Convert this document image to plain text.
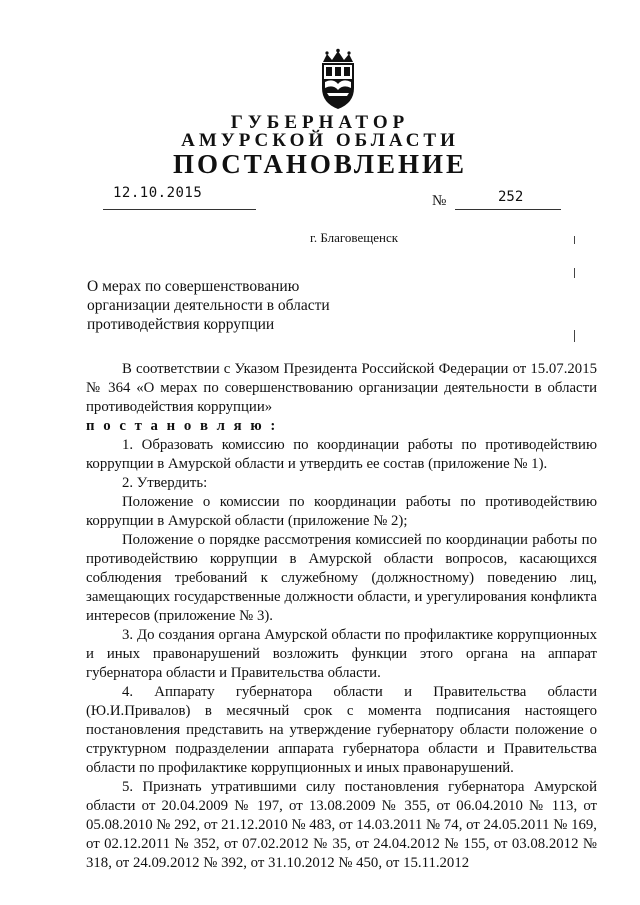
ГУБЕРНАТОР
АМУРСКОЙ ОБЛАСТИ
ПОСТАНОВЛЕНИЕ
12.10.2015	№	252
г. Благовещенск
О мерах по совершенствованию
организации деятельности в области
противодействия коррупции

В соответствии с Указом Президента Российской Федерации от 15.07.2015 № 364 «О мерах по совершенствованию организации деятельности в области противодействия коррупции»

п о с т а н о в л я ю :

1. Образовать комиссию по координации работы по противодействию коррупции в Амурской области и утвердить ее состав (приложение № 1).

2. Утвердить:

Положение о комиссии по координации работы по противодействию коррупции в Амурской области (приложение № 2);

Положение о порядке рассмотрения комиссией по координации работы по противодействию коррупции в Амурской области вопросов, касающихся соблюдения требований к служебному (должностному) поведению лиц, замещающих государственные должности области, и урегулирования конфликта интересов (приложение № 3).

3. До создания органа Амурской области по профилактике коррупционных и иных правонарушений возложить функции этого органа на аппарат губернатора области и Правительства области.

4. Аппарату губернатора области и Правительства области (Ю.И.Привалов) в месячный срок с момента подписания настоящего постановления представить на утверждение губернатору области положение о структурном подразделении аппарата губернатора области и Правительства области по профилактике коррупционных и иных правонарушений.

5. Признать утратившими силу постановления губернатора Амурской области от 20.04.2009 № 197, от 13.08.2009 № 355, от 06.04.2010 № 113, от 05.08.2010 № 292, от 21.12.2010 № 483, от 14.03.2011 № 74, от 24.05.2011 № 169, от 02.12.2011 № 352, от 07.02.2012 № 35, от 24.04.2012 № 155, от 03.08.2012 № 318, от 24.09.2012 № 392, от 31.10.2012 № 450, от 15.11.2012
